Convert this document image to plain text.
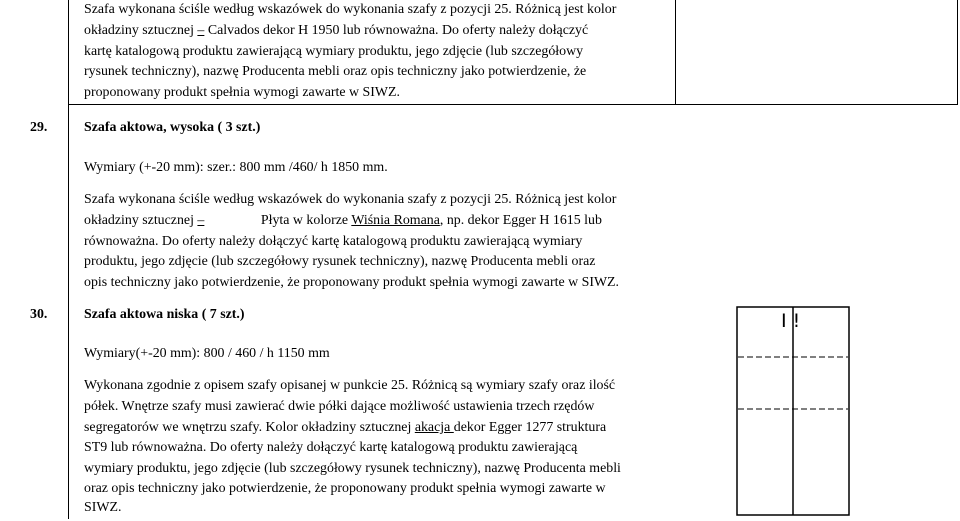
Szafa wykonana ściśle według wskazówek do wykonania szafy z pozycji 25. Różnicą jest kolor
okładziny sztucznej – Calvados dekor H 1950 lub równoważna. Do oferty należy dołączyć
kartę katalogową produktu zawierającą wymiary produktu, jego zdjęcie (lub szczegółowy
rysunek techniczny), nazwę Producenta mebli oraz opis techniczny jako potwierdzenie, że
proponowany produkt spełnia wymogi zawarte w SIWZ.
29.	Szafa aktowa, wysoka ( 3 szt.)
Wymiary (+-20 mm): szer.: 800 mm /460/ h 1850 mm.
Szafa wykonana ściśle według wskazówek do wykonania szafy z pozycji 25. Różnicą jest kolor
okładziny sztucznej –	Płyta w kolorze Wiśnia Romana, np. dekor Egger H 1615 lub
równoważna. Do oferty należy dołączyć kartę katalogową produktu zawierającą wymiary
produktu, jego zdjęcie (lub szczegółowy rysunek techniczny), nazwę Producenta mebli oraz
opis techniczny jako potwierdzenie, że proponowany produkt spełnia wymogi zawarte w SIWZ.
30.	Szafa aktowa niska ( 7 szt.)
Wymiary(+-20 mm): 800 / 460 / h 1150 mm
Wykonana zgodnie z opisem szafy opisanej w punkcie 25. Różnicą są wymiary szafy oraz ilość
półek. Wnętrze szafy musi zawierać dwie półki dające możliwość ustawienia trzech rzędów
segregatorów we wnętrzu szafy. Kolor okładziny sztucznej akacja dekor Egger 1277 struktura
ST9 lub równoważna. Do oferty należy dołączyć kartę katalogową produktu zawierającą
wymiary produktu, jego zdjęcie (lub szczegółowy rysunek techniczny), nazwę Producenta mebli
oraz opis techniczny jako potwierdzenie, że proponowany produkt spełnia wymogi zawarte w
SIWZ.
I !
